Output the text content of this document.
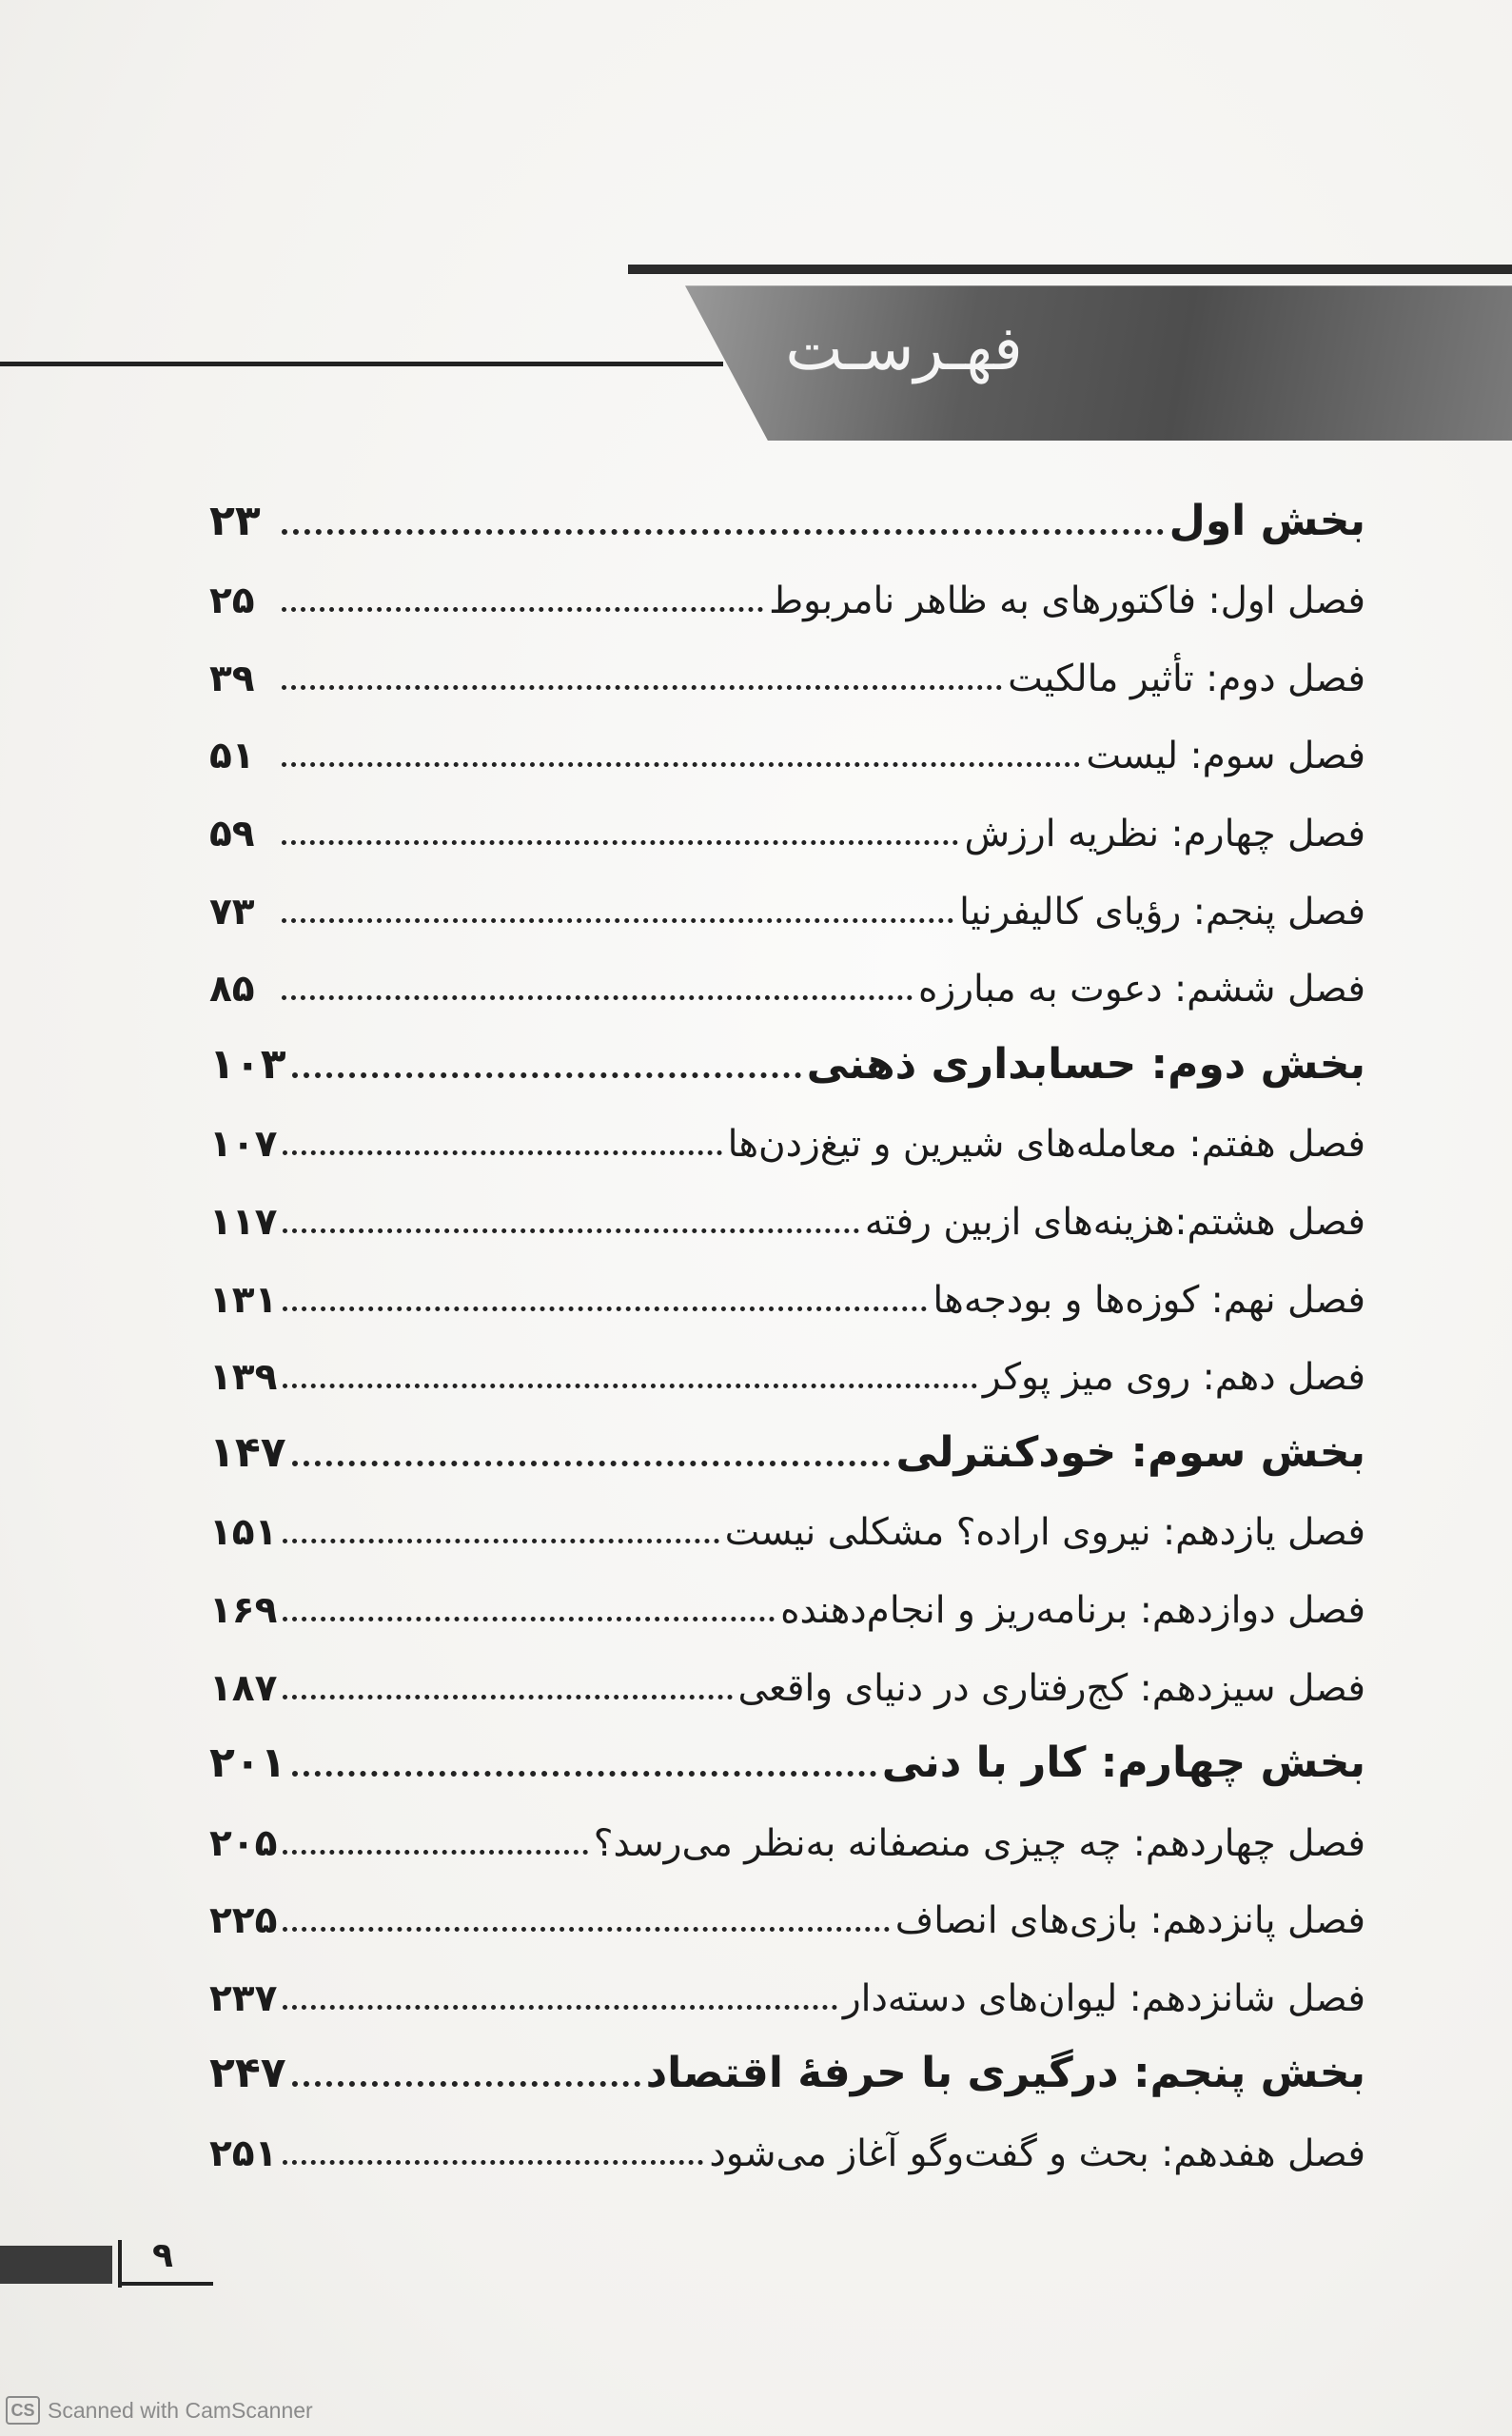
فهـرسـت
بخش اول
۲۳
فصل اول: فاکتورهای به ظاهر نامربوط
۲۵
فصل دوم: تأثیر مالکیت
۳۹
فصل سوم: لیست
۵۱
فصل چهارم: نظریه ارزش
۵۹
فصل پنجم: رؤیای کالیفرنیا
۷۳
فصل ششم: دعوت به مبارزه
۸۵
بخش دوم: حسابداری ذهنی
۱۰۳
فصل هفتم: معامله‌های شیرین و تیغ‌زدن‌ها
۱۰۷
فصل هشتم:هزینه‌های ازبین رفته
۱۱۷
فصل نهم: کوزه‌ها و بودجه‌ها
۱۳۱
فصل دهم: روی میز پوکر
۱۳۹
بخش سوم: خودکنترلی
۱۴۷
فصل یازدهم: نیروی اراده؟ مشکلی نیست
۱۵۱
فصل دوازدهم: برنامه‌ریز و انجام‌دهنده
۱۶۹
فصل سیزدهم: کج‌رفتاری در دنیای واقعی
۱۸۷
بخش چهارم: کار با دنی
۲۰۱
فصل چهاردهم: چه چیزی منصفانه به‌نظر می‌رسد؟
۲۰۵
فصل پانزدهم: بازی‌های انصاف
۲۲۵
فصل شانزدهم: لیوان‌های دسته‌دار
۲۳۷
بخش پنجم: درگیری با حرفۀ اقتصاد
۲۴۷
فصل هفدهم: بحث و گفت‌وگو آغاز می‌شود
۲۵۱
۹
CS Scanned with CamScanner
